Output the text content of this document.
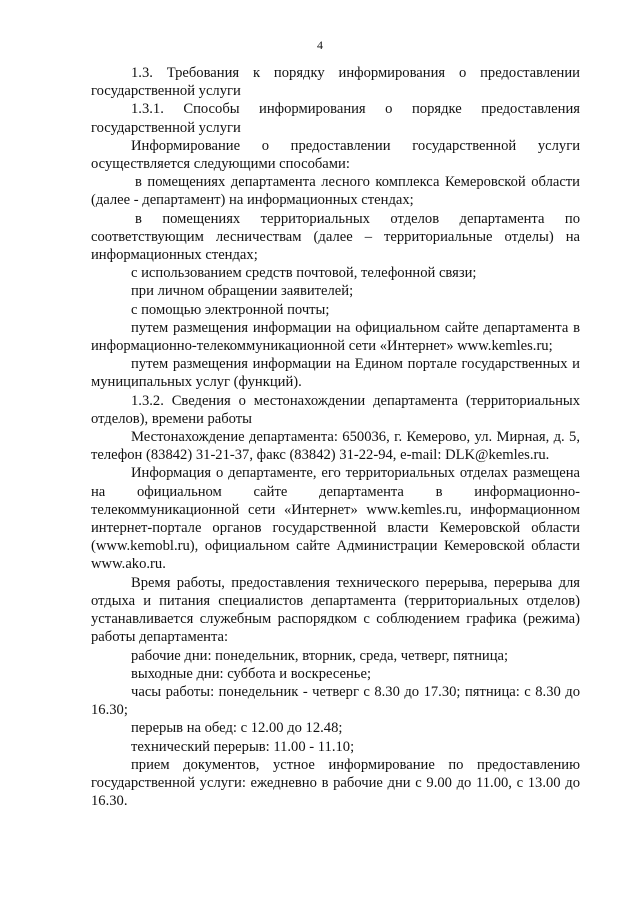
4

1.3. Требования к порядку информирования о предоставлении государственной услуги

1.3.1. Способы информирования о порядке предоставления государственной услуги

Информирование о предоставлении государственной услуги осуществляется следующими способами:

в помещениях департамента лесного комплекса Кемеровской области (далее - департамент) на информационных стендах;

в помещениях территориальных отделов департамента по соответствующим лесничествам (далее – территориальные отделы) на информационных стендах;

с использованием средств почтовой, телефонной связи;

при личном обращении заявителей;

с помощью электронной почты;

путем размещения информации на официальном сайте департамента в информационно-телекоммуникационной сети «Интернет» www.kemles.ru;

путем размещения информации на Едином портале государственных и муниципальных услуг (функций).

1.3.2. Сведения о местонахождении департамента (территориальных отделов), времени работы

Местонахождение департамента: 650036, г. Кемерово, ул. Мирная, д. 5, телефон (83842) 31-21-37, факс (83842) 31-22-94, e-mail: DLK@kemles.ru.

Информация о департаменте, его территориальных отделах размещена на официальном сайте департамента в информационно-телекоммуникационной сети «Интернет» www.kemles.ru, информационном интернет-портале органов государственной власти Кемеровской области (www.kemobl.ru), официальном сайте Администрации Кемеровской области www.ako.ru.

Время работы, предоставления технического перерыва, перерыва для отдыха и питания специалистов департамента (территориальных отделов) устанавливается служебным распорядком с соблюдением графика (режима) работы департамента:

рабочие дни: понедельник, вторник, среда, четверг, пятница;

выходные дни: суббота и воскресенье;

часы работы: понедельник - четверг с 8.30 до 17.30; пятница: с 8.30 до 16.30;

перерыв на обед: с 12.00 до 12.48;

технический перерыв: 11.00 - 11.10;

прием документов, устное информирование по предоставлению государственной услуги: ежедневно в рабочие дни с 9.00 до 11.00, с 13.00 до 16.30.
